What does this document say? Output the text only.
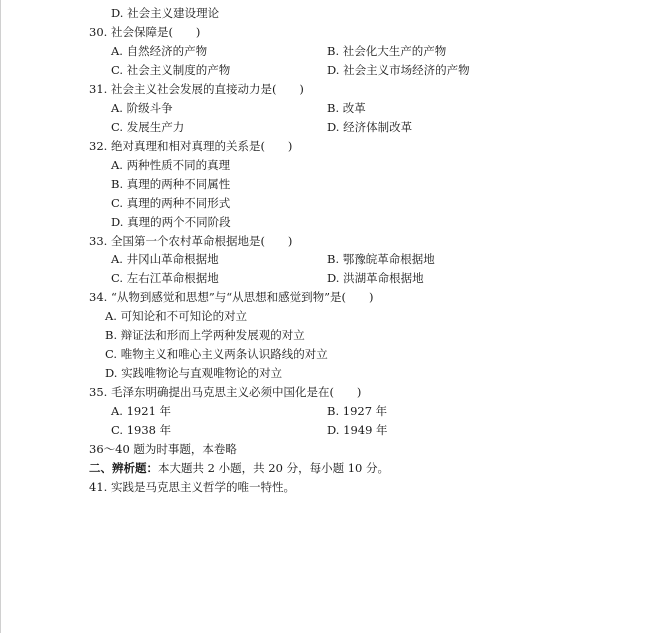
D. 社会主义建设理论
30. 社会保障是(　　)
A. 自然经济的产物	B. 社会化大生产的产物
C. 社会主义制度的产物	D. 社会主义市场经济的产物
31. 社会主义社会发展的直接动力是(　　)
A. 阶级斗争	B. 改革
C. 发展生产力	D. 经济体制改革
32. 绝对真理和相对真理的关系是(　　)
A. 两种性质不同的真理
B. 真理的两种不同属性
C. 真理的两种不同形式
D. 真理的两个不同阶段
33. 全国第一个农村革命根据地是(　　)
A. 井冈山革命根据地	B. 鄂豫皖革命根据地
C. 左右江革命根据地	D. 洪湖革命根据地
34. “从物到感觉和思想”与“从思想和感觉到物”是(　　)
A. 可知论和不可知论的对立
B. 辩证法和形而上学两种发展观的对立
C. 唯物主义和唯心主义两条认识路线的对立
D. 实践唯物论与直观唯物论的对立
35. 毛泽东明确提出马克思主义必须中国化是在(　　)
A. 1921 年	B. 1927 年
C. 1938 年	D. 1949 年
36～40 题为时事题，本卷略
二、辨析题：本大题共 2 小题，共 20 分，每小题 10 分。
41. 实践是马克思主义哲学的唯一特性。
